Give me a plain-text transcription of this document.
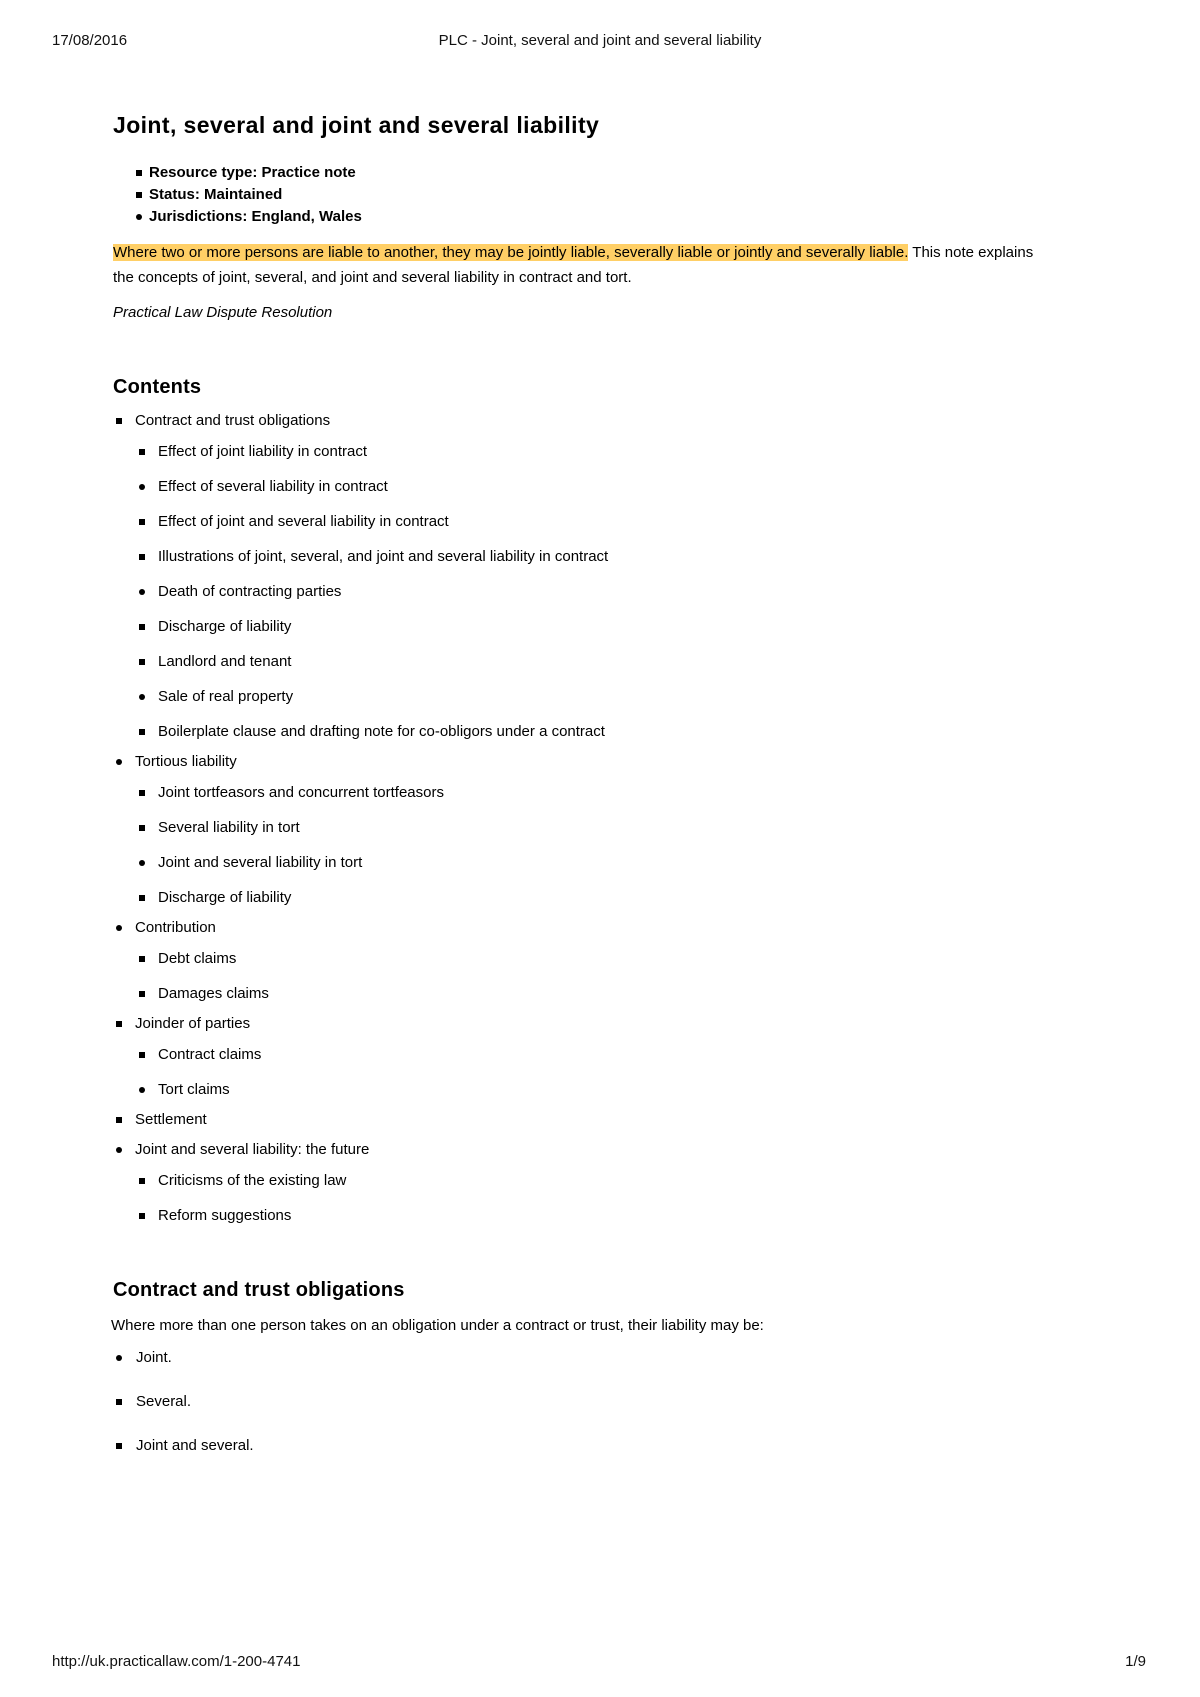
17/08/2016	PLC - Joint, several and joint and several liability
Joint, several and joint and several liability
Resource type: Practice note
Status: Maintained
Jurisdictions: England, Wales

Where two or more persons are liable to another, they may be jointly liable, severally liable or jointly and severally liable. This note explains the concepts of joint, several, and joint and several liability in contract and tort.

Practical Law Dispute Resolution

Contents
Contract and trust obligations
Effect of joint liability in contract
Effect of several liability in contract
Effect of joint and several liability in contract
Illustrations of joint, several, and joint and several liability in contract
Death of contracting parties
Discharge of liability
Landlord and tenant
Sale of real property
Boilerplate clause and drafting note for co-obligors under a contract
Tortious liability
Joint tortfeasors and concurrent tortfeasors
Several liability in tort
Joint and several liability in tort
Discharge of liability
Contribution
Debt claims
Damages claims
Joinder of parties
Contract claims
Tort claims
Settlement
Joint and several liability: the future
Criticisms of the existing law
Reform suggestions
Contract and trust obligations

Where more than one person takes on an obligation under a contract or trust, their liability may be:

Joint.
Several.
Joint and several.
http://uk.practicallaw.com/1-200-4741	1/9
